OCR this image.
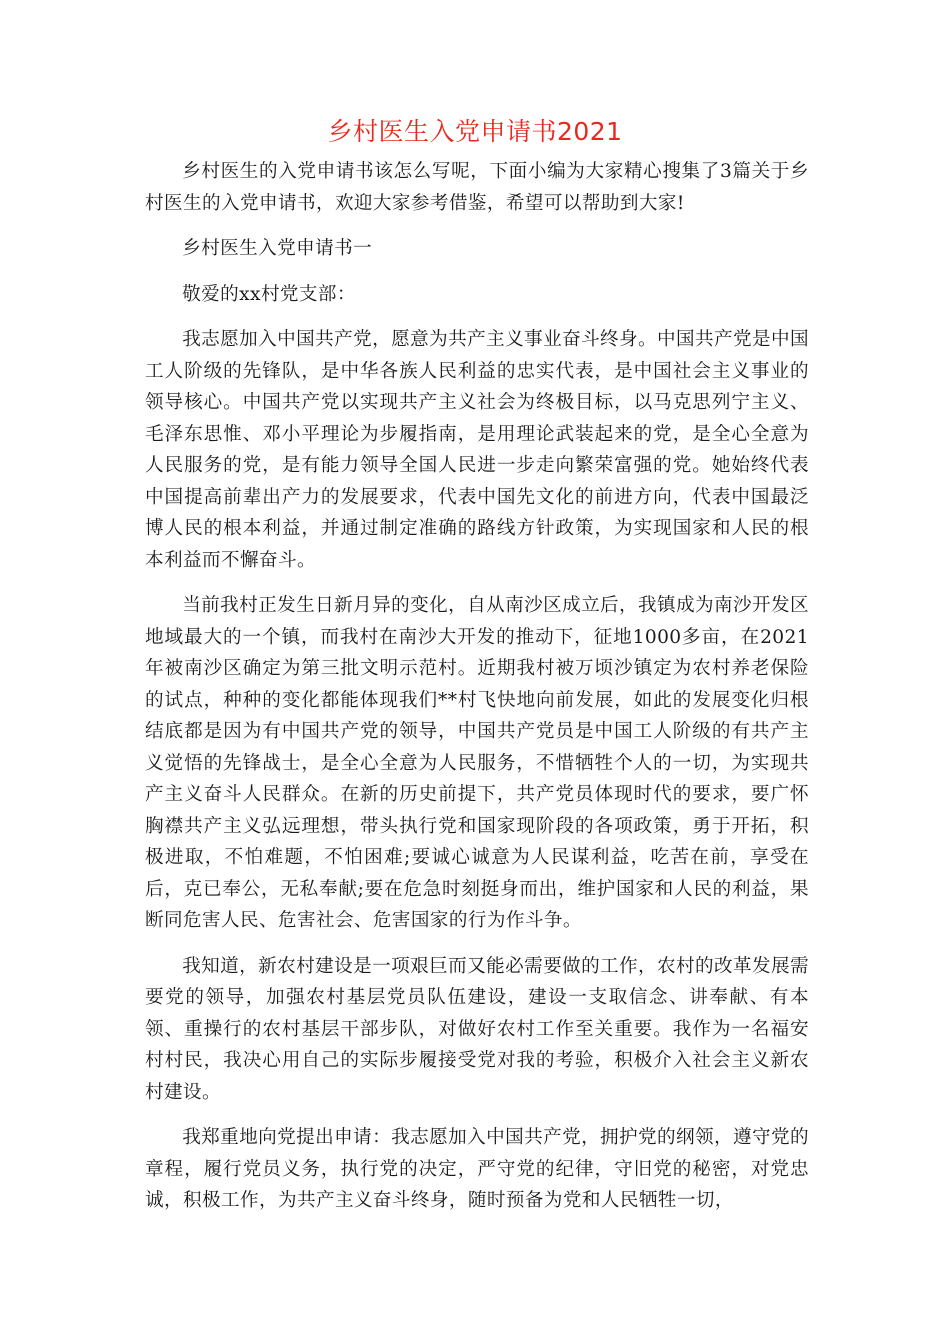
乡村医生入党申请书2021

乡村医生的入党申请书该怎么写呢，下面小编为大家精心搜集了3篇关于乡村医生的入党申请书，欢迎大家参考借鉴，希望可以帮助到大家!

乡村医生入党申请书一

敬爱的xx村党支部：

我志愿加入中国共产党，愿意为共产主义事业奋斗终身。中国共产党是中国工人阶级的先锋队，是中华各族人民利益的忠实代表，是中国社会主义事业的领导核心。中国共产党以实现共产主义社会为终极目标，以马克思列宁主义、毛泽东思惟、邓小平理论为步履指南，是用理论武装起来的党，是全心全意为人民服务的党，是有能力领导全国人民进一步走向繁荣富强的党。她始终代表中国提高前辈出产力的发展要求，代表中国先文化的前进方向，代表中国最泛博人民的根本利益，并通过制定准确的路线方针政策，为实现国家和人民的根本利益而不懈奋斗。

当前我村正发生日新月异的变化，自从南沙区成立后，我镇成为南沙开发区地域最大的一个镇，而我村在南沙大开发的推动下，征地1000多亩，在2021年被南沙区确定为第三批文明示范村。近期我村被万顷沙镇定为农村养老保险的试点，种种的变化都能体现我们**村飞快地向前发展，如此的发展变化归根结底都是因为有中国共产党的领导，中国共产党员是中国工人阶级的有共产主义觉悟的先锋战士，是全心全意为人民服务，不惜牺牲个人的一切，为实现共产主义奋斗人民群众。在新的历史前提下，共产党员体现时代的要求，要广怀胸襟共产主义弘远理想，带头执行党和国家现阶段的各项政策，勇于开拓，积极进取，不怕难题，不怕困难;要诚心诚意为人民谋利益，吃苦在前，享受在后，克已奉公，无私奉献;要在危急时刻挺身而出，维护国家和人民的利益，果断同危害人民、危害社会、危害国家的行为作斗争。

我知道，新农村建设是一项艰巨而又能必需要做的工作，农村的改革发展需要党的领导，加强农村基层党员队伍建设，建设一支取信念、讲奉献、有本领、重操行的农村基层干部步队，对做好农村工作至关重要。我作为一名福安村村民，我决心用自己的实际步履接受党对我的考验，积极介入社会主义新农村建设。

我郑重地向党提出申请：我志愿加入中国共产党，拥护党的纲领，遵守党的章程，履行党员义务，执行党的决定，严守党的纪律，守旧党的秘密，对党忠诚，积极工作，为共产主义奋斗终身，随时预备为党和人民牺牲一切，
